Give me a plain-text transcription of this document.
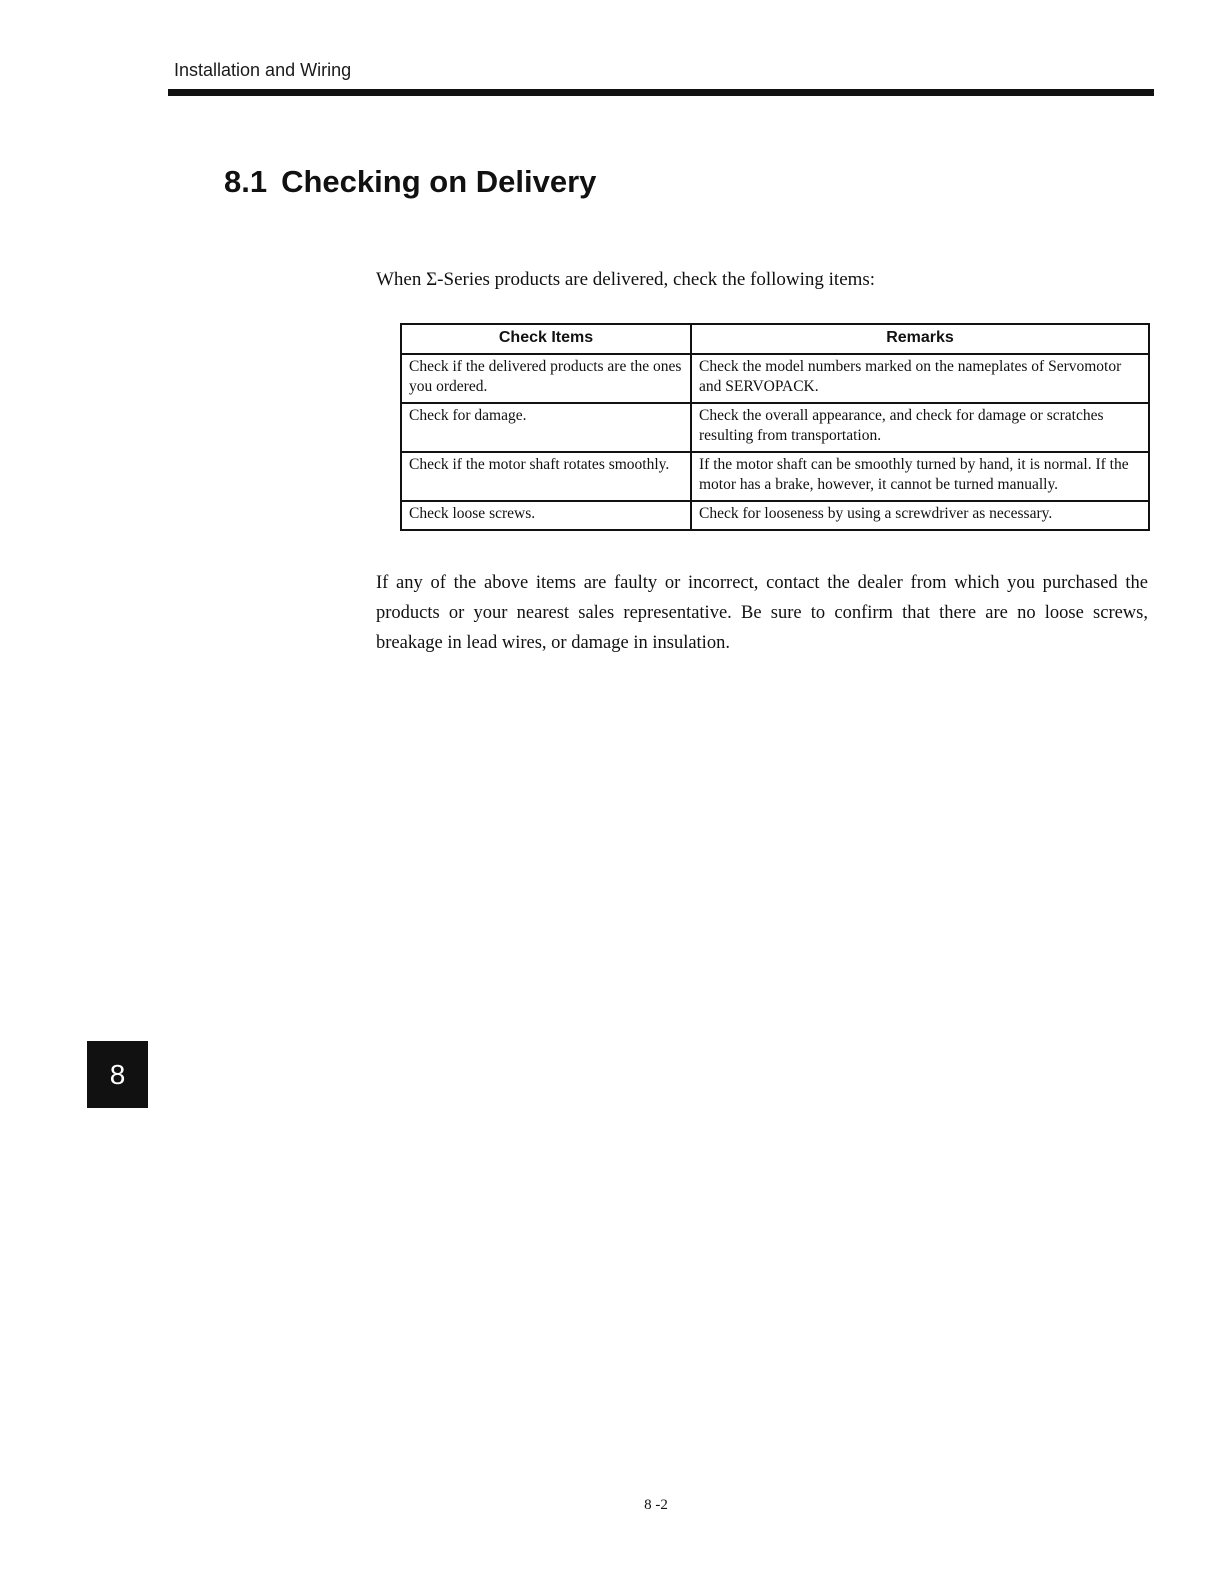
Installation and Wiring
8.1 Checking on Delivery

When Σ-Series products are delivered, check the following items:

Check Items	Remarks
Check if the delivered products are the ones you ordered.	Check the model numbers marked on the nameplates of Servomotor and SERVOPACK.
Check for damage.	Check the overall appearance, and check for damage or scratches resulting from transportation.
Check if the motor shaft rotates smoothly.	If the motor shaft can be smoothly turned by hand, it is normal. If the motor has a brake, however, it cannot be turned manually.
Check loose screws.	Check for looseness by using a screwdriver as necessary.

If any of the above items are faulty or incorrect, contact the dealer from which you purchased the products or your nearest sales representative. Be sure to confirm that there are no loose screws, breakage in lead wires, or damage in insulation.

8
8 -2
